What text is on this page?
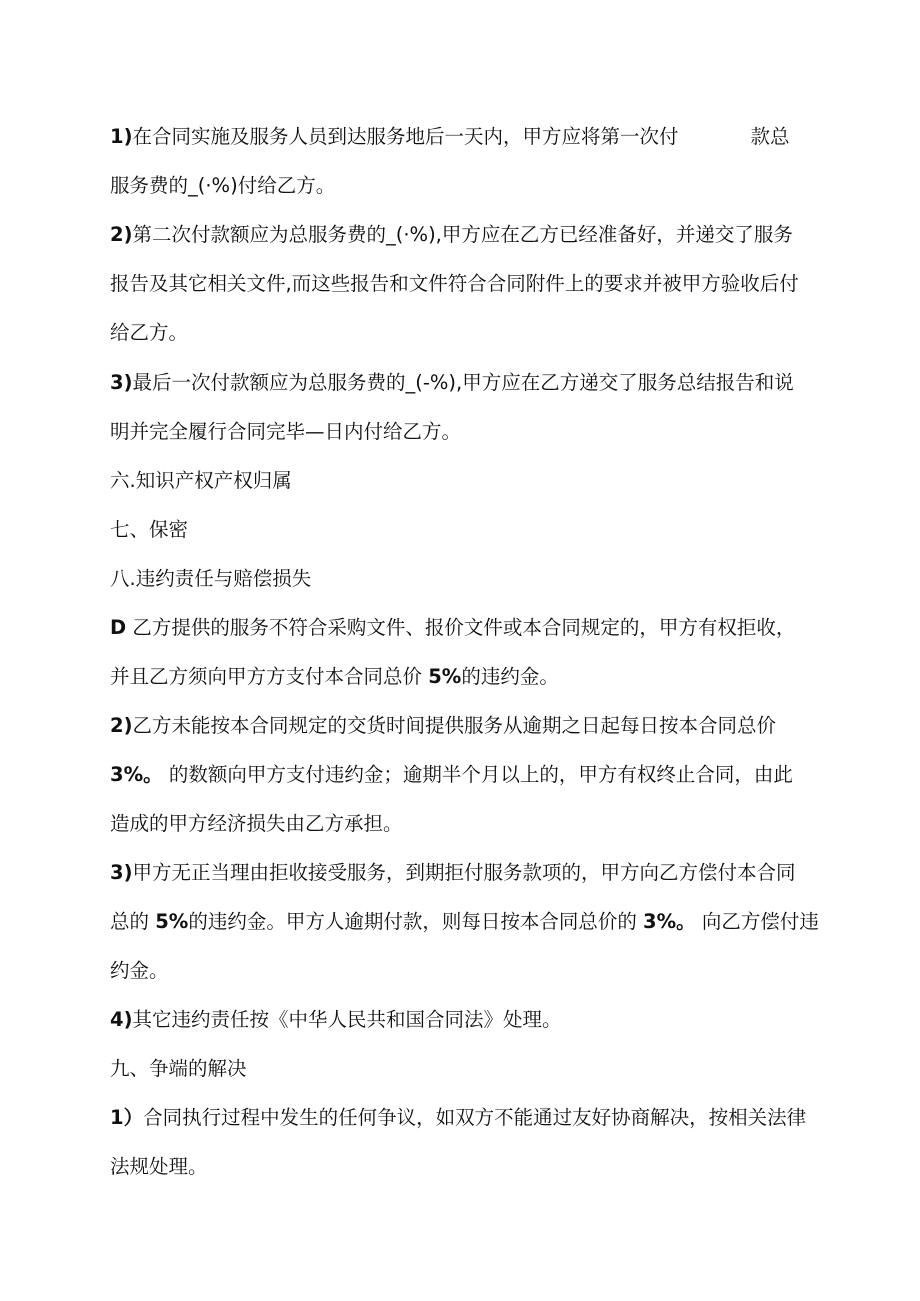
1)在合同实施及服务人员到达服务地后一天内，甲方应将第一次付	款总
服务费的_(·%)付给乙方。
2)第二次付款额应为总服务费的_(·%),甲方应在乙方已经准备好，并递交了服务
报告及其它相关文件,而这些报告和文件符合合同附件上的要求并被甲方验收后付
给乙方。
3)最后一次付款额应为总服务费的_(-%),甲方应在乙方递交了服务总结报告和说
明并完全履行合同完毕—日内付给乙方。
六.知识产权产权归属
七、保密
八.违约责任与赔偿损失
D 乙方提供的服务不符合采购文件、报价文件或本合同规定的，甲方有权拒收，
并且乙方须向甲方方支付本合同总价 5%的违约金。
2)乙方未能按本合同规定的交货时间提供服务从逾期之日起每日按本合同总价
3%。 的数额向甲方支付违约金；逾期半个月以上的，甲方有权终止合同，由此
造成的甲方经济损失由乙方承担。
3)甲方无正当理由拒收接受服务，到期拒付服务款项的，甲方向乙方偿付本合同
总的 5%的违约金。甲方人逾期付款，则每日按本合同总价的 3%。 向乙方偿付违
约金。
4)其它违约责任按《中华人民共和国合同法》处理。
九、争端的解决
1）合同执行过程中发生的任何争议，如双方不能通过友好协商解决，按相关法律
法规处理。
